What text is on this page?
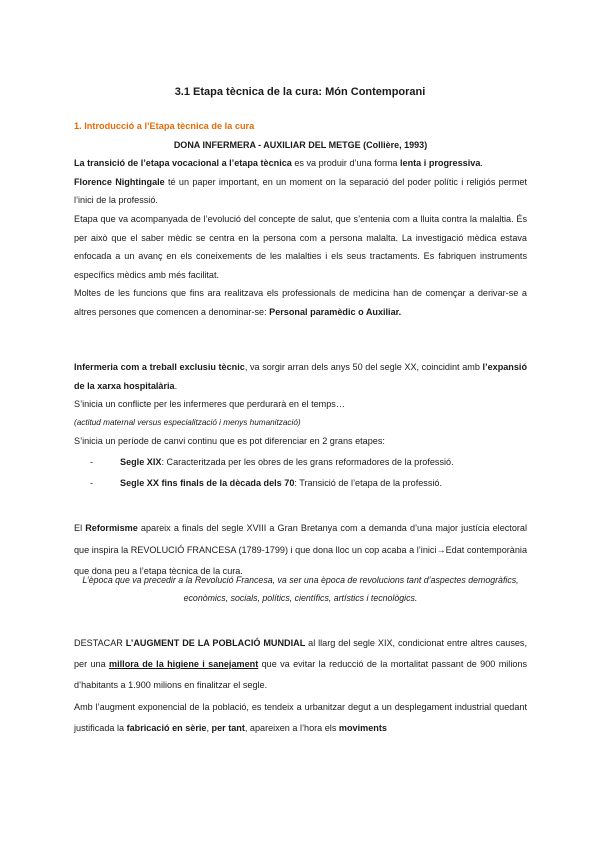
3.1 Etapa tècnica de la cura: Món Contemporani

1. Introducció a l’Etapa tècnica de la cura

DONA INFERMERA - AUXILIAR DEL METGE (Collière, 1993)

La transició de l’etapa vocacional a l’etapa tècnica es va produir d’una forma lenta i progressiva.

Florence Nightingale té un paper important, en un moment on la separació del poder polític i religiós permet l’inici de la professió.

Etapa que va acompanyada de l’evolució del concepte de salut, que s’entenia com a lluita contra la malaltia. És per això que el saber mèdic se centra en la persona com a persona malalta. La investigació mèdica estava enfocada a un avanç en els coneixements de les malalties i els seus tractaments. Es fabriquen instruments específics mèdics amb més facilitat.

Moltes de les funcions que fins ara realitzava els professionals de medicina han de començar a derivar-se a altres persones que comencen a denominar-se: Personal paramèdic o Auxiliar.

Infermeria com a treball exclusiu tècnic, va sorgir arran dels anys 50 del segle XX, coincidint amb l’expansió de la xarxa hospitalària.

S’inicia un conflicte per les infermeres que perdurarà en el temps…

(actitud maternal versus especialització i menys humanització)

S’inicia un període de canvi continu que es pot diferenciar en 2 grans etapes:

-	Segle XIX: Caracteritzada per les obres de les grans reformadores de la professió.

-	Segle XX fins finals de la dècada dels 70: Transició de l’etapa de la professió.

El Reformisme apareix a finals del segle XVIII a Gran Bretanya com a demanda d’una major justícia electoral que inspira la REVOLUCIÓ FRANCESA (1789-1799) i que dona lloc un cop acaba a l’inici→Edat contemporània que dona peu a l’etapa tècnica de la cura.

L’època que va precedir a la Revolució Francesa, va ser una època de revolucions tant d’aspectes demogràfics, econòmics, socials, polítics, científics, artístics i tecnològics.

DESTACAR L’AUGMENT DE LA POBLACIÓ MUNDIAL al llarg del segle XIX, condicionat entre altres causes, per una millora de la higiene i sanejament que va evitar la reducció de la mortalitat passant de 900 milions d’habitants a 1.900 milions en finalitzar el segle.

Amb l’augment exponencial de la població, es tendeix a urbanitzar degut a un desplegament industrial quedant justificada la fabricació en sèrie, per tant, apareixen a l’hora els moviments
